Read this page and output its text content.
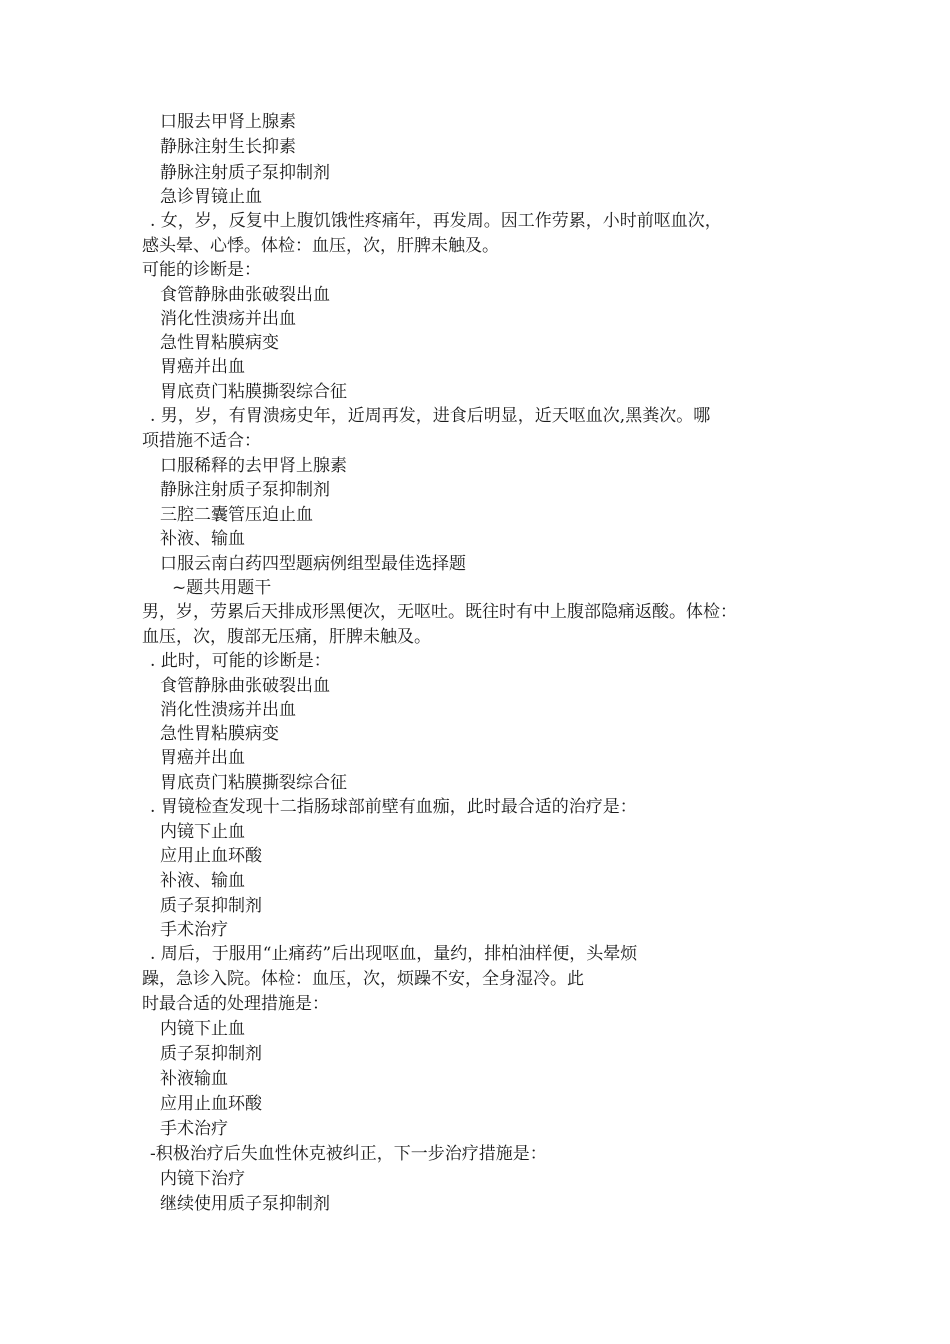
口服去甲肾上腺素
静脉注射生长抑素
静脉注射质子泵抑制剂
急诊胃镜止血
. 女，岁，反复中上腹饥饿性疼痛年，再发周。因工作劳累，小时前呕血次，
感头晕、心悸。体检：血压，次，肝脾未触及。
可能的诊断是：
食管静脉曲张破裂出血
消化性溃疡并出血
急性胃粘膜病变
胃癌并出血
胃底贲门粘膜撕裂综合征
. 男，岁，有胃溃疡史年，近周再发，进食后明显，近天呕血次,黑粪次。哪
项措施不适合：
口服稀释的去甲肾上腺素
静脉注射质子泵抑制剂
三腔二囊管压迫止血
补液、输血
口服云南白药四型题病例组型最佳选择题
~题共用题干
男，岁，劳累后天排成形黑便次，无呕吐。既往时有中上腹部隐痛返酸。体检：
血压，次，腹部无压痛，肝脾未触及。
. 此时，可能的诊断是：
食管静脉曲张破裂出血
消化性溃疡并出血
急性胃粘膜病变
胃癌并出血
胃底贲门粘膜撕裂综合征
. 胃镜检查发现十二指肠球部前壁有血痂，此时最合适的治疗是：
内镜下止血
应用止血环酸
补液、输血
质子泵抑制剂
手术治疗
. 周后，于服用“止痛药”后出现呕血，量约，排柏油样便，头晕烦
躁，急诊入院。体检：血压，次，烦躁不安，全身湿冷。此
时最合适的处理措施是：
内镜下止血
质子泵抑制剂
补液输血
应用止血环酸
手术治疗
-积极治疗后失血性休克被纠正，下一步治疗措施是：
内镜下治疗
继续使用质子泵抑制剂
